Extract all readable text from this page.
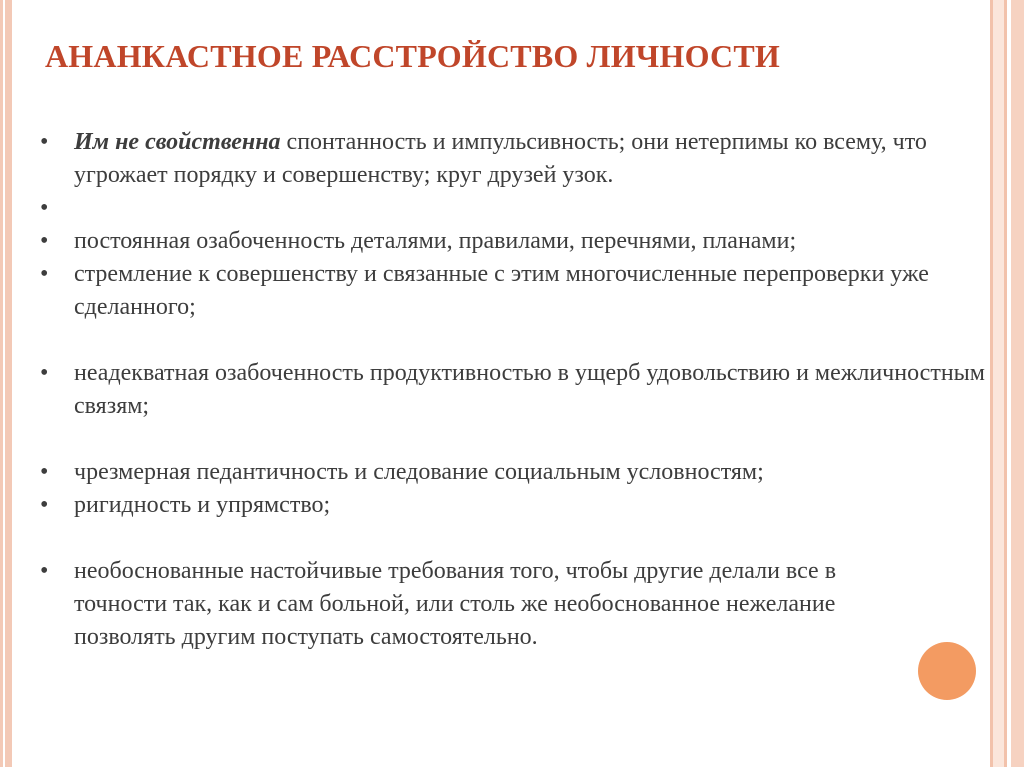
АНАНКАСТНОЕ РАССТРОЙСТВО ЛИЧНОСТИ
•	Им не свойственна спонтанность и импульсивность; они нетерпимы ко всему, что угрожает порядку и совершенству; круг друзей узок.
•

•	постоянная озабоченность деталями, правилами, перечнями, планами;
•	стремление к совершенству и связанные с этим многочисленные перепроверки уже сделанного;
•	неадекватная озабоченность продуктивностью в ущерб удовольствию и межличностным связям;
•	чрезмерная педантичность и следование социальным условностям;
•	ригидность и упрямство;
•	необоснованные настойчивые требования того, чтобы другие делали все в точности так, как и сам больной, или столь же необоснованное нежелание позволять другим поступать самостоятельно.
